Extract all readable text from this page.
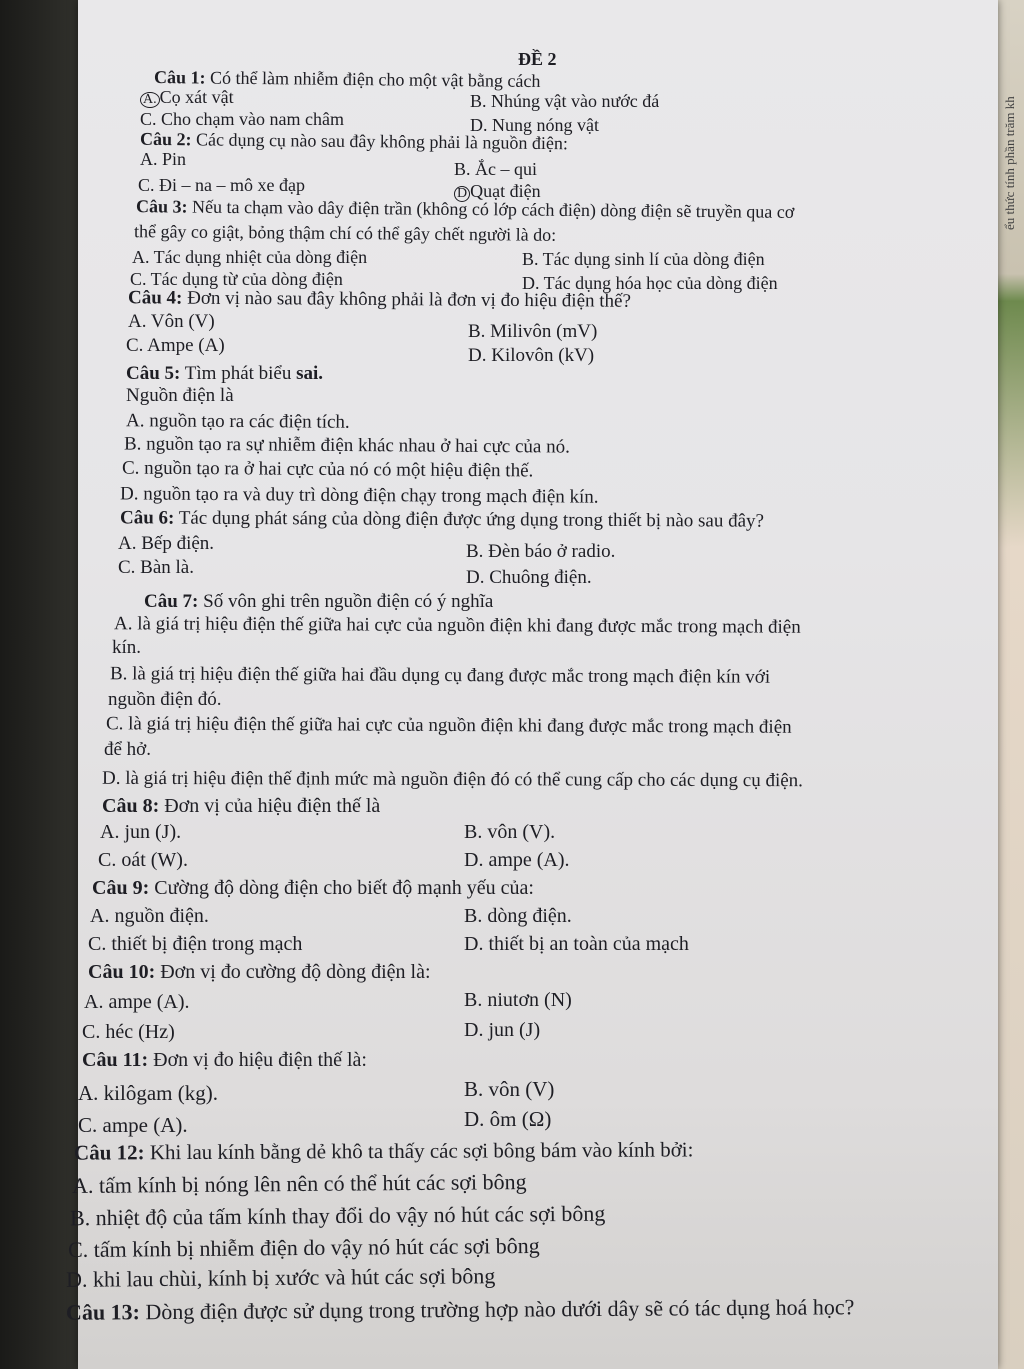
ểu thức tính phần trăm kh
ĐỀ 2
Câu 1: Có thể làm nhiễm điện cho một vật bằng cách
A. Cọ xát vật	B. Nhúng vật vào nước đá
C. Cho chạm vào nam châm	D. Nung nóng vật
Câu 2: Các dụng cụ nào sau đây không phải là nguồn điện:
A. Pin	B. Ắc – qui
C. Đi – na – mô xe đạp	D Quạt điện
Câu 3: Nếu ta chạm vào dây điện trần (không có lớp cách điện) dòng điện sẽ truyền qua cơ
thể gây co giật, bỏng thậm chí có thể gây chết người là do:
A. Tác dụng nhiệt của dòng điện	B. Tác dụng sinh lí của dòng điện
C. Tác dụng từ của dòng điện	D. Tác dụng hóa học của dòng điện
Câu 4: Đơn vị nào sau đây không phải là đơn vị đo hiệu điện thế?
A. Vôn (V)	B. Milivôn (mV)
C. Ampe (A)	D. Kilovôn (kV)
Câu 5: Tìm phát biểu sai.
Nguồn điện là
A. nguồn tạo ra các điện tích.
B. nguồn tạo ra sự nhiễm điện khác nhau ở hai cực của nó.
C. nguồn tạo ra ở hai cực của nó có một hiệu điện thế.
D. nguồn tạo ra và duy trì dòng điện chạy trong mạch điện kín.
Câu 6: Tác dụng phát sáng của dòng điện được ứng dụng trong thiết bị nào sau đây?
A. Bếp điện.	B. Đèn báo ở radio.
C. Bàn là.	D. Chuông điện.
Câu 7: Số vôn ghi trên nguồn điện có ý nghĩa
A. là giá trị hiệu điện thế giữa hai cực của nguồn điện khi đang được mắc trong mạch điện
kín.
B. là giá trị hiệu điện thế giữa hai đầu dụng cụ đang được mắc trong mạch điện kín với
nguồn điện đó.
C. là giá trị hiệu điện thế giữa hai cực của nguồn điện khi đang được mắc trong mạch điện
để hở.
D. là giá trị hiệu điện thế định mức mà nguồn điện đó có thể cung cấp cho các dụng cụ điện.
Câu 8: Đơn vị của hiệu điện thế là
A. jun (J).	B. vôn (V).
C. oát (W).	D. ampe (A).
Câu 9: Cường độ dòng điện cho biết độ mạnh yếu của:
A. nguồn điện.	B. dòng điện.
C. thiết bị điện trong mạch	D. thiết bị an toàn của mạch
Câu 10: Đơn vị đo cường độ dòng điện là:
A. ampe (A).	B. niutơn (N)
C. héc (Hz)	D. jun (J)
Câu 11: Đơn vị đo hiệu điện thế là:
A. kilôgam (kg).	B. vôn (V)
C. ampe (A).	D. ôm (Ω)
Câu 12: Khi lau kính bằng dẻ khô ta thấy các sợi bông bám vào kính bởi:
A. tấm kính bị nóng lên nên có thể hút các sợi bông
B. nhiệt độ của tấm kính thay đổi do vậy nó hút các sợi bông
C. tấm kính bị nhiễm điện do vậy nó hút các sợi bông
D. khi lau chùi, kính bị xước và hút các sợi bông
Câu 13: Dòng điện được sử dụng trong trường hợp nào dưới dây sẽ có tác dụng hoá học?
